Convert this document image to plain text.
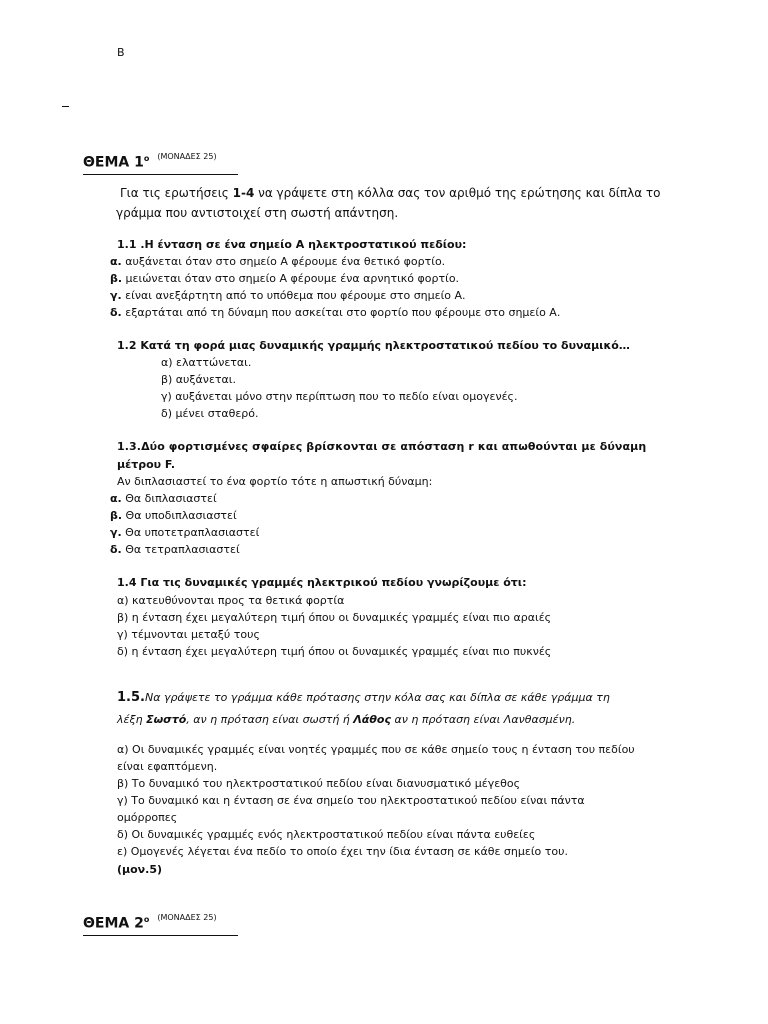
Β
ΘΕΜΑ $1^o$ $^{(MONA\Delta E\Sigma 25)}$
Για τις ερωτήσεις 1-4 να γράψετε στη κόλλα σας τον αριθμό της ερώτησης και δίπλα το
γράμμα που αντιστοιχεί στη σωστή απάντηση.
1.1 .Η ένταση σε ένα σημείο Α ηλεκτροστατικού πεδίου:
α. αυξάνεται όταν στο σημείο Α φέρουμε ένα θετικό φορτίο.
β. μειώνεται όταν στο σημείο Α φέρουμε ένα αρνητικό φορτίο.
γ. είναι ανεξάρτητη από το υπόθεμα που φέρουμε στο σημείο Α.
δ. εξαρτάται από τη δύναμη που ασκείται στο φορτίο που φέρουμε στο σημείο Α.
1.2 Κατά τη φορά μιας δυναμικής γραμμής ηλεκτροστατικού πεδίου το δυναμικό…
α) ελαττώνεται.
β) αυξάνεται.
γ) αυξάνεται μόνο στην περίπτωση που το πεδίο είναι ομογενές.
δ) μένει σταθερό.
1.3.Δύο φορτισμένες σφαίρες βρίσκονται σε απόσταση r και απωθούνται με δύναμη
μέτρου F.
Αν διπλασιαστεί το ένα φορτίο τότε η απωστική δύναμη:
α. Θα διπλασιαστεί
β. Θα υποδιπλασιαστεί
γ. Θα υποτετραπλασιαστεί
δ. Θα τετραπλασιαστεί
1.4 Για τις δυναμικές γραμμές ηλεκτρικού πεδίου γνωρίζουμε ότι:
α) κατευθύνονται προς τα θετικά φορτία
β) η ένταση έχει μεγαλύτερη τιμή όπου οι δυναμικές γραμμές είναι πιο αραιές
γ) τέμνονται μεταξύ τους
δ) η ένταση έχει μεγαλύτερη τιμή όπου οι δυναμικές γραμμές είναι πιο πυκνές
1.5.Να γράψετε το γράμμα κάθε πρότασης στην κόλα σας και δίπλα σε κάθε γράμμα τη
λέξη Σωστό, αν η πρόταση είναι σωστή ή Λάθος αν η πρόταση είναι Λανθασμένη.
α) Οι δυναμικές γραμμές είναι νοητές γραμμές που σε κάθε σημείο τους η ένταση του πεδίου
είναι εφαπτόμενη.
β) Το δυναμικό του ηλεκτροστατικού πεδίου είναι διανυσματικό μέγεθος
γ) Το δυναμικό και η ένταση σε ένα σημείο του ηλεκτροστατικού πεδίου είναι πάντα
ομόρροπες
δ) Οι δυναμικές γραμμές ενός ηλεκτροστατικού πεδίου είναι πάντα ευθείες
ε) Ομογενές λέγεται ένα πεδίο το οποίο έχει την ίδια ένταση σε κάθε σημείο του.
(μον.5)
ΘΕΜΑ $2^o$ $^{(MONA\Delta E\Sigma 25)}$
